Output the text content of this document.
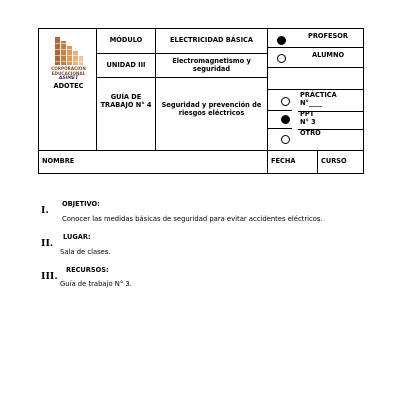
CORPORACION
EDUCACIONAL
ASIMET
ADOTEC
MÓDULO	ELECTRICIDAD BÁSICA
UNIDAD III	Electromagnetismo y seguridad
GUÍA DE TRABAJO N° 4	Seguridad y prevención de riesgos eléctricos
PROFESOR
ALUMNO
PRÁCTICA
N°____
PPT
N° 3
OTRO
NOMBRE	FECHA	CURSO
I.
OBJETIVO:
Conocer las medidas básicas de seguridad para evitar accidentes eléctricos.
II.
LUGAR:
Sala de clases.
III.
RECURSOS:
Guía de trabajo N° 3.
